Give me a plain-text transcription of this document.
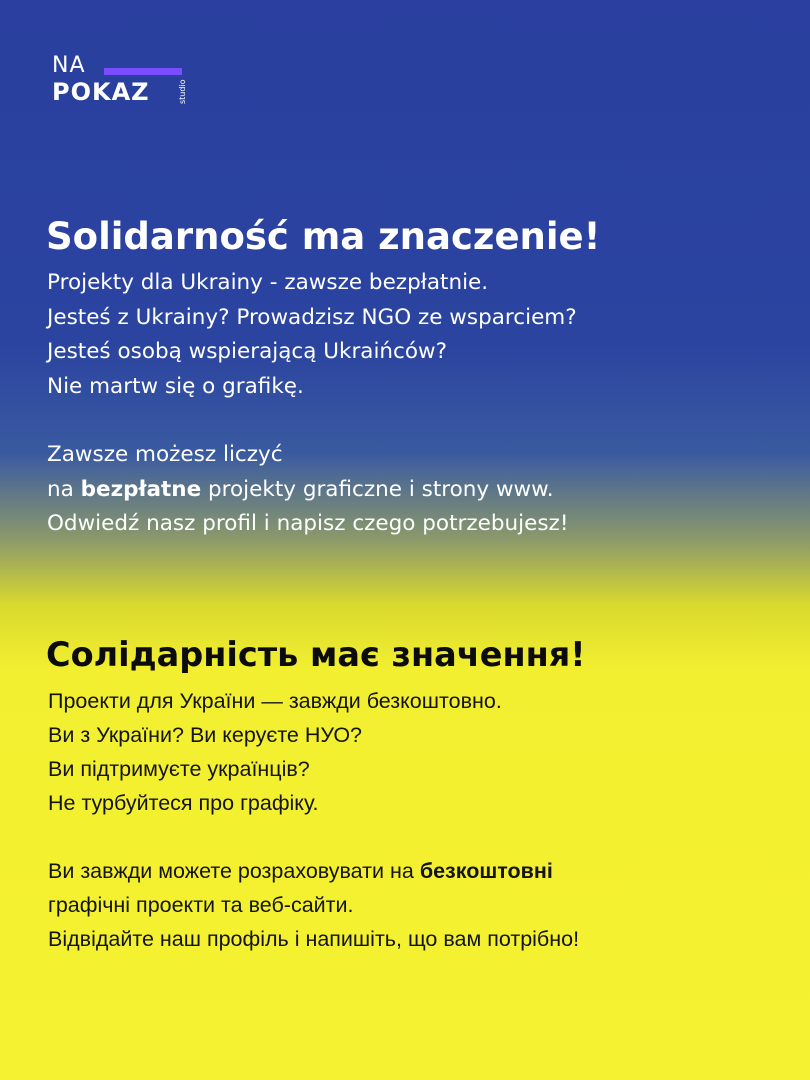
NA
POKAZ	studio
Solidarność ma znaczenie!
Projekty dla Ukrainy - zawsze bezpłatnie.
Jesteś z Ukrainy? Prowadzisz NGO ze wsparciem?
Jesteś osobą wspierającą Ukraińców?
Nie martw się o grafikę.
Zawsze możesz liczyć
na bezpłatne projekty graficzne i strony www.
Odwiedź nasz profil i napisz czego potrzebujesz!
Солідарність має значення!
Проекти для України — завжди безкоштовно.
Ви з України? Ви керуєте НУО?
Ви підтримуєте українців?
Не турбуйтеся про графіку.
Ви завжди можете розраховувати на безкоштовні
графічні проекти та веб-сайти.
Відвідайте наш профіль і напишіть, що вам потрібно!
